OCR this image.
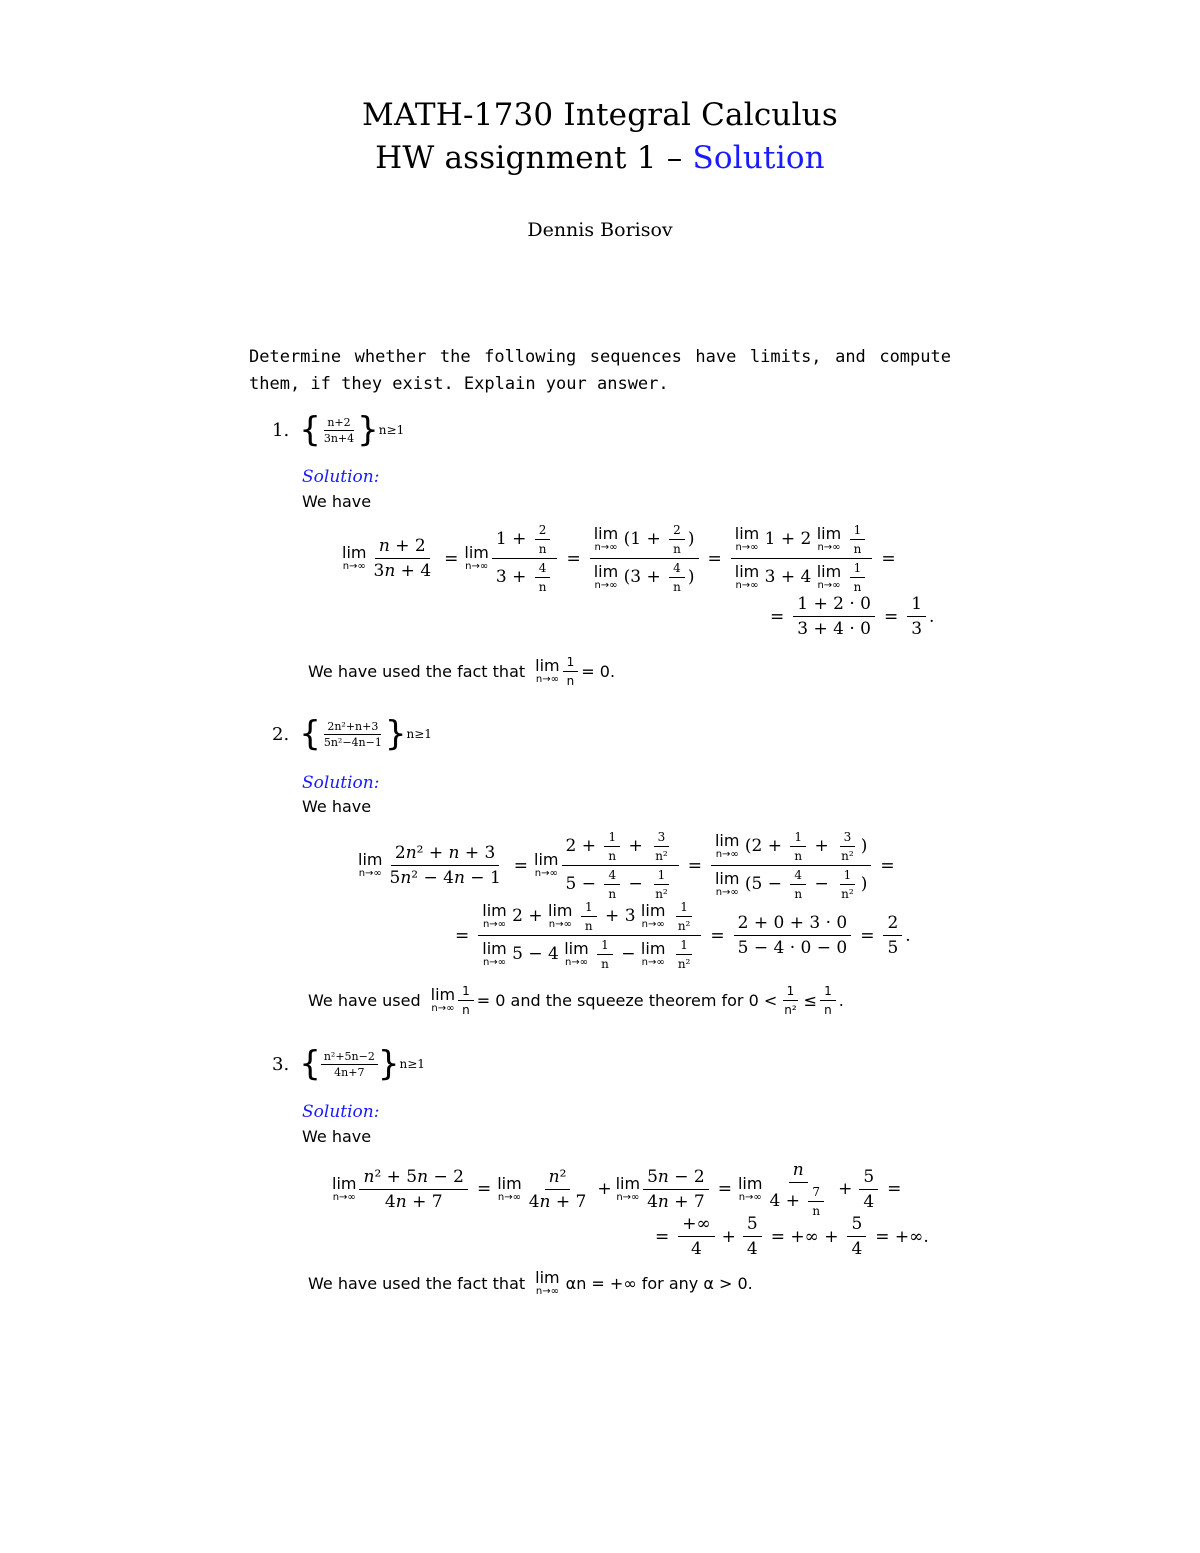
MATH-1730 Integral Calculus
HW assignment 1 – Solution
Dennis Borisov
Determine whether the following sequences have limits, and compute them, if they exist. Explain your answer.
1. { $\frac{n+2}{3n+4}$ } n≥1
Solution:
We have
lim
$n\to\infty \frac{n + 2}{3n + 4} = \lim$
$n\to\infty \frac{1 + \frac{2}{n}}{3 + \frac{4}{n}} = \lim$
n→∞ ($1 + \frac{2}{n}$ )
lim
n→∞ ($3 + \frac{4}{n}$ ) = lim
n→∞ 1 + 2 lim
n→∞
$\frac{1}{n}$
lim
n→∞ 3 + 4 lim
n→∞
$\frac{1}{n}$ =
= $\frac{1 + 2 \cdot 0}{3 + 4 \cdot 0} = \frac{1}{3}$ .
We have used the fact that lim
$n\to\infty \frac{1}{n} = 0$.
2. { $\frac{\text{2n²+n+3}}{\text{5n²−4n−1}}$ } n≥1
Solution:
We have
lim
$n\to\infty \frac{\text{2n² + n + 3}}{\text{5n² − 4n − 1}} = \lim$
$n\to\infty \frac{2 + \frac{1}{n} + \frac{3}{\text{n²}}}{5 - \frac{4}{n} - \frac{1}{\text{n²}}} = \lim$
n→∞ ($2 + \frac{1}{n} + \frac{3}{\text{n²}}$ )
lim
n→∞ ($5 - \frac{4}{n} - \frac{1}{\text{n²}}$ ) =
= lim
n→∞ 2 + lim
n→∞
$\frac{1}{n} + 3$ lim
n→∞
$\frac{1}{\text{n²}}$
lim
n→∞ 5 − 4 lim
n→∞
$\frac{1}{n} - \lim$
n→∞
$\frac{1}{\text{n²}} = \frac{2 + 0 + 3 \cdot 0}{5 - 4 \cdot 0 - 0} = \frac{2}{5}$ .
We have used lim
$n\to\infty \frac{1}{n} = 0$ and the squeeze theorem for $0 < \frac{1}{\text{n²}} \le \frac{1}{n}$ .
3. { $\frac{\text{n²+5n−2}}{4n+7}$ } n≥1
Solution:
We have
lim
$n\to\infty \frac{\text{n² + 5n − 2}}{4n + 7} = \lim$
$n\to\infty \frac{\text{n²}}{4n + 7} + \lim$
$n\to\infty \frac{5n - 2}{4n + 7} = \lim$
$n\to\infty \frac{n}{4 + \frac{7}{n}} + \frac{5}{4}$ =
= $\frac{+\infty}{4} + \frac{5}{4}$ = +∞ + $\frac{5}{4}$ = +∞.
We have used the fact that lim
n→∞ αn = +∞ for any α > 0.
